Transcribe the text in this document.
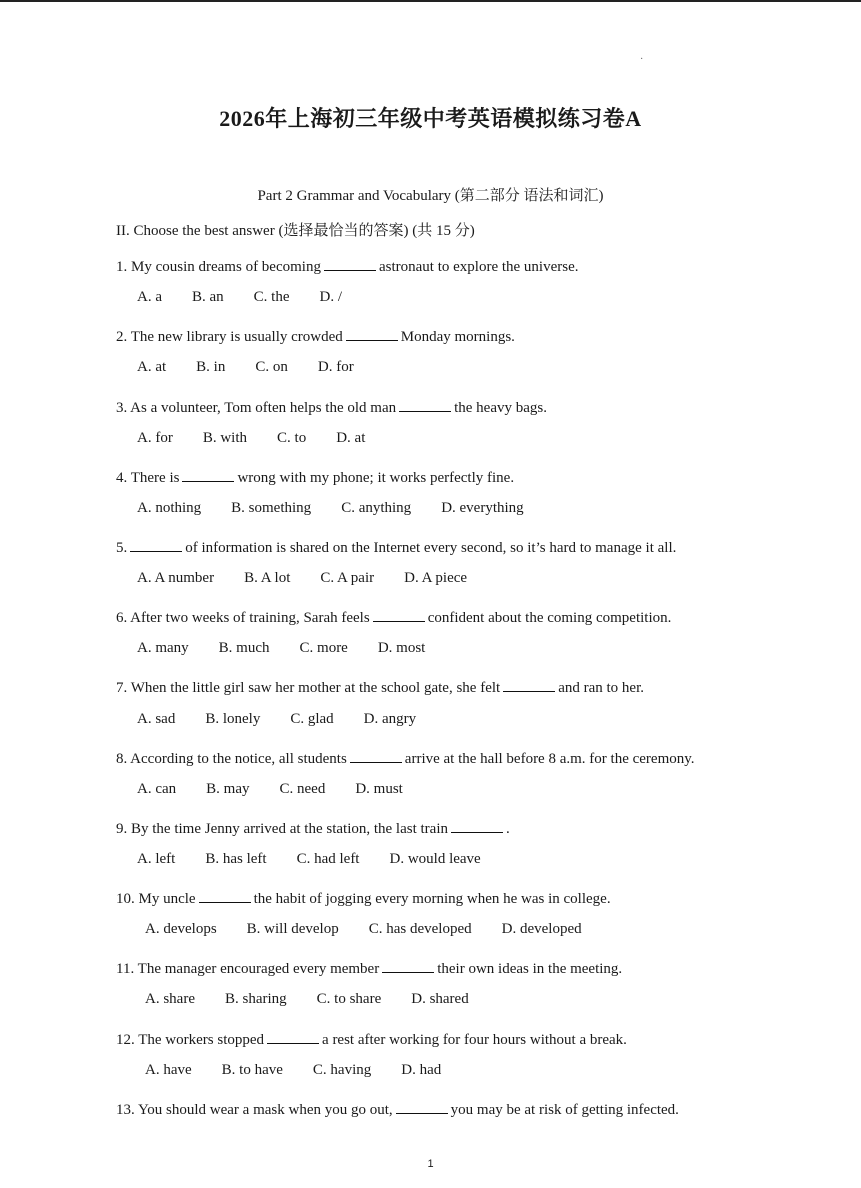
·
2026年上海初三年级中考英语模拟练习卷A
Part 2 Grammar and Vocabulary (第二部分 语法和词汇)
II. Choose the best answer (选择最恰当的答案) (共 15 分)
1. My cousin dreams of becoming	astronaut to explore the universe.
A. a B. an C. the D. /
2. The new library is usually crowded	Monday mornings.
A. at B. in C. on D. for
3. As a volunteer, Tom often helps the old man	the heavy bags.
A. for B. with C. to D. at
4. There is	wrong with my phone; it works perfectly fine.
A. nothing B. something C. anything D. everything
5.	of information is shared on the Internet every second, so it’s hard to manage it all.
A. A number B. A lot C. A pair D. A piece
6. After two weeks of training, Sarah feels	confident about the coming competition.
A. many B. much C. more D. most
7. When the little girl saw her mother at the school gate, she felt	and ran to her.
A. sad B. lonely C. glad D. angry
8. According to the notice, all students	arrive at the hall before 8 a.m. for the ceremony.
A. can B. may C. need D. must
9. By the time Jenny arrived at the station, the last train	.
A. left B. has left C. had left D. would leave
10. My uncle	the habit of jogging every morning when he was in college.
A. develops B. will develop C. has developed D. developed
11. The manager encouraged every member	their own ideas in the meeting.
A. share B. sharing C. to share D. shared
12. The workers stopped	a rest after working for four hours without a break.
A. have B. to have C. having D. had
13. You should wear a mask when you go out,	you may be at risk of getting infected.
1
